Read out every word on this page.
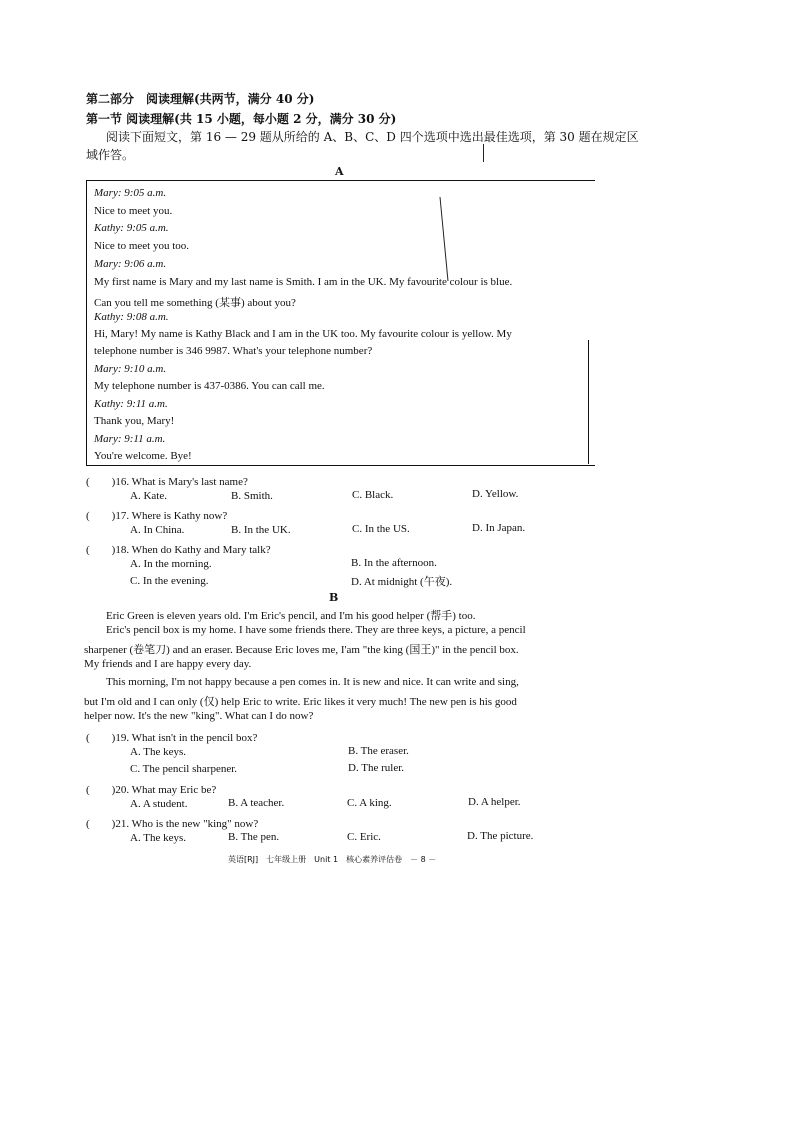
第二部分　阅读理解(共两节，满分 40 分)
第一节 阅读理解(共 15 小题，每小题 2 分，满分 30 分)
阅读下面短文，第 16 — 29 题从所给的 A、B、C、D 四个选项中选出最佳选项，第 30 题在规定区
域作答。
A
Mary: 9:05 a.m.
Nice to meet you.
Kathy: 9:05 a.m.
Nice to meet you too.
Mary: 9:06 a.m.
My first name is Mary and my last name is Smith. I am in the UK. My favourite colour is blue.
Can you tell me something (某事) about you?
Kathy: 9:08 a.m.
Hi, Mary! My name is Kathy Black and I am in the UK too. My favourite colour is yellow. My
telephone number is 346 9987. What's your telephone number?
Mary: 9:10 a.m.
My telephone number is 437-0386. You can call me.
Kathy: 9:11 a.m.
Thank you, Mary!
Mary: 9:11 a.m.
You're welcome. Bye!
(　　)16. What is Mary's last name?
A. Kate.	B. Smith.	C. Black.	D. Yellow.
(　　)17. Where is Kathy now?
A. In China.	B. In the UK.	C. In the US.	D. In Japan.
(　　)18. When do Kathy and Mary talk?
A. In the morning.	B. In the afternoon.
C. In the evening.	D. At midnight (午夜).
B
Eric Green is eleven years old. I'm Eric's pencil, and I'm his good helper (帮手) too.
Eric's pencil box is my home. I have some friends there. They are three keys, a picture, a pencil
sharpener (卷笔刀) and an eraser. Because Eric loves me, I'am "the king (国王)" in the pencil box.
My friends and I are happy every day.
This morning, I'm not happy because a pen comes in. It is new and nice. It can write and sing,
but I'm old and I can only (仅) help Eric to write. Eric likes it very much! The new pen is his good
helper now. It's the new "king". What can I do now?
(　　)19. What isn't in the pencil box?
A. The keys.	B. The eraser.
C. The pencil sharpener.	D. The ruler.
(　　)20. What may Eric be?
A. A student.	B. A teacher.	C. A king.	D. A helper.
(　　)21. Who is the new "king" now?
A. The keys.	B. The pen.	C. Eric.	D. The picture.
英语[RJ]　七年级上册　Unit 1　核心素养评估卷　－ 8 －
